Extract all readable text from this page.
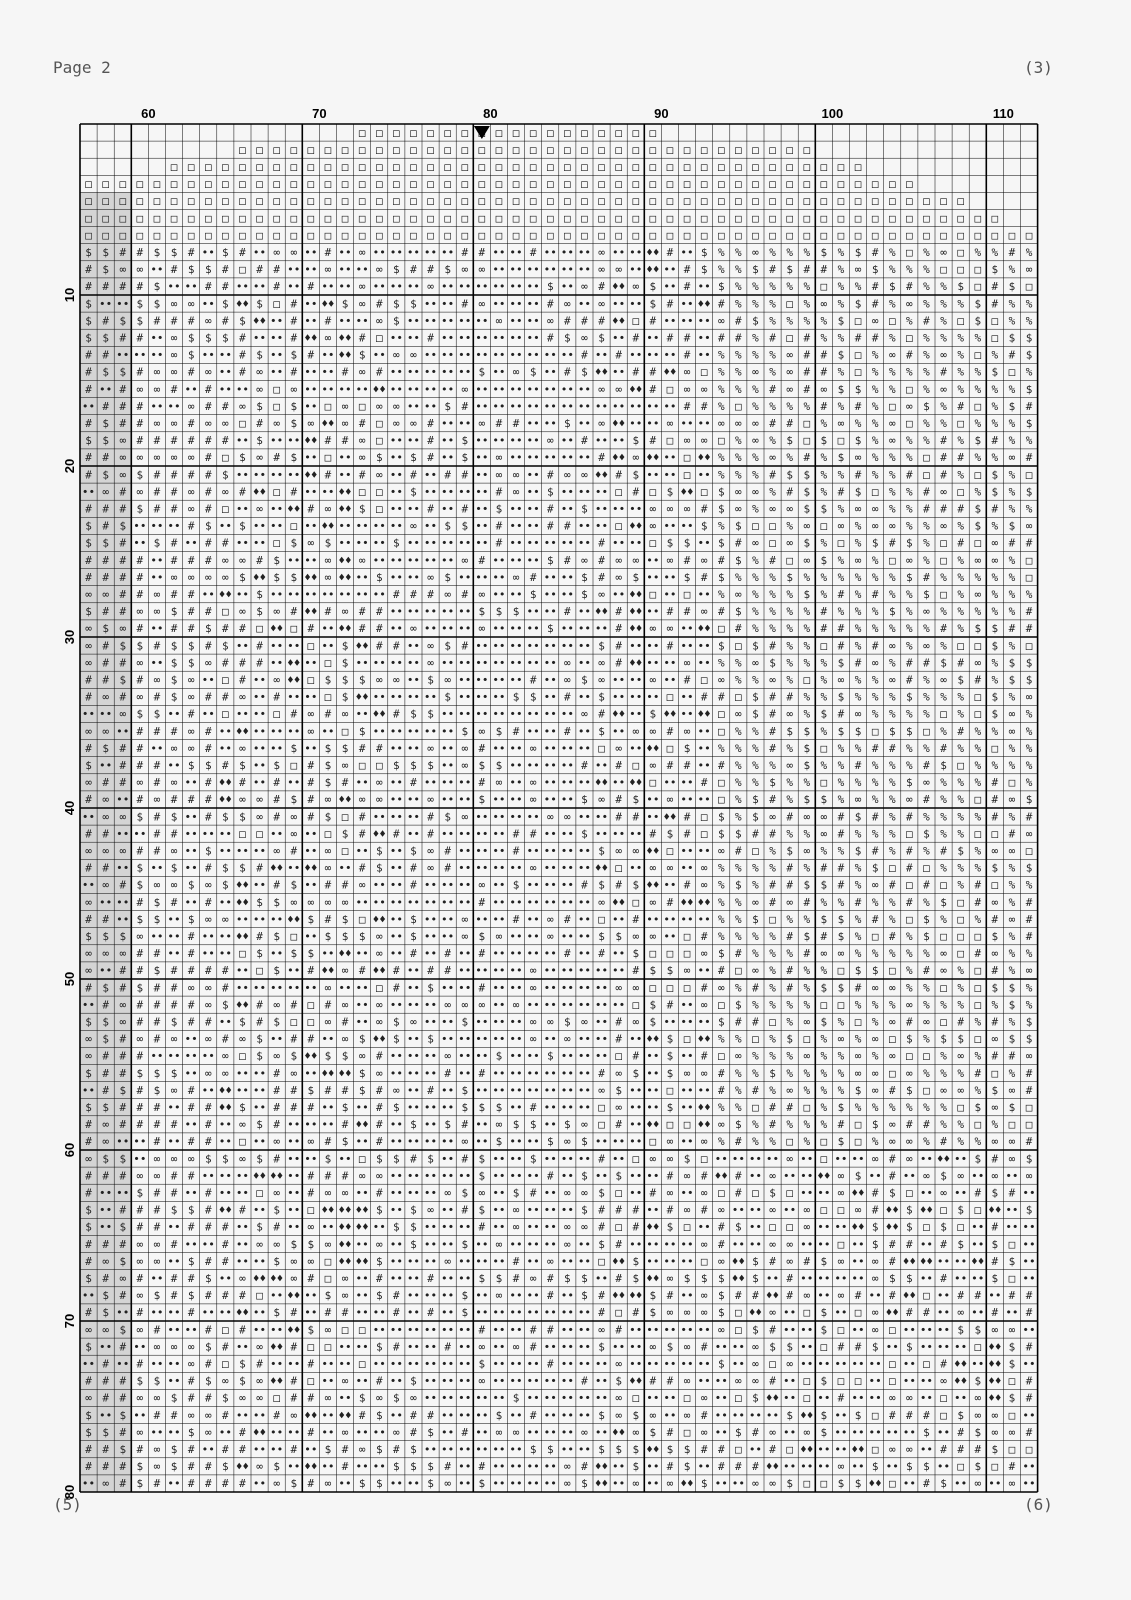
Page 2	(3)
(5)	(6)
□ □ □ □ □ □ □	□ □ □ □ □ □ □ □ □ □
□ □ □ □ □ □ □ □ □ □ □ □ □ □ □ □ □ □ □ □ □ □ □ □ □ □ □ □ □ □ □ □ □ □
□ □ □ □ □ □ □ □ □ □ □ □ □ □ □ □ □ □ □ □ □ □ □ □ □ □ □ □ □ □ □ □ □ □ □ □ □ □ □ □ □
□ □ □ □ □ □ □ □ □ □ □ □ □ □ □ □ □ □ □ □ □ □ □ □ □ □ □ □ □ □ □ □ □ □ □ □ □ □ □ □ □ □ □ □ □ □ □ □ □
□ □ □ □ □ □ □ □ □ □ □ □ □ □ □ □ □ □ □ □ □ □ □ □ □ □ □ □ □ □ □ □ □ □ □ □ □ □ □ □ □ □ □ □ □ □ □ □ □ □ □ □
□ □ □ □ □ □ □ □ □ □ □ □ □ □ □ □ □ □ □ □ □ □ □ □ □ □ □ □ □ □ □ □ □ □ □ □ □ □ □ □ □ □ □ □ □ □ □ □ □ □ □ □ □ □
□ □ □ □ □ □ □ □ □ □ □ □ □ □ □ □ □ □ □ □ □ □ □ □ □ □ □ □ □ □ □ □ □ □ □ □ □ □ □ □ □ □ □ □ □ □ □ □ □ □ □ □ □ □ □ □
$ $ # # $ $ # •• $ # •• ∞ ∞ •• # •• ∞ •• •• •• •• •• # # •• •• # •• •• •• ∞ •• •• ♦♦ # •• $ % % ∞ % % % $ % $ # % □ % ∞ □ % % # %
# $ ∞ ∞ •• # $ $ # □ # # •• •• ∞ •• •• ∞ $ # # $ ∞ ∞ •• •• •• •• •• •• ∞ ∞ •• ♦♦ •• # $ % % $ # $ # # % ∞ $ % % % □ □ □ $ % ∞
# # # # $ •• •• # # •• •• # •• # •• •• ∞ •• •• •• ∞ •• •• •• •• •• •• $ •• ∞ # ♦♦ ∞ $ •• # •• $ % % % % % □ % % # $ # % % $ □ # $ □
$ •• •• $ $ ∞ ∞ •• $ ♦♦ $ □ # •• ♦♦ $ ∞ # $ $ •• •• # ∞ •• •• •• # ∞ •• ∞ •• •• $ # •• ♦♦ # % % % □ % ∞ % $ # % ∞ % % % $ # % %
$ # $ $ # # # ∞ # $ ♦♦ •• # •• # •• •• ∞ $ •• •• •• •• •• ∞ •• •• ∞ # # # ♦♦ □ # •• •• •• ∞ # $ % % % % $ □ ∞ □ % # % □ $ □ % %
$ $ # # •• ∞ $ $ $ # •• •• # ♦♦ ∞ ♦♦ # □ •• •• # •• •• •• •• •• •• # $ ∞ $ •• # •• # # •• # # % # □ # % % # # % □ % % % % □ $ $
# # •• •• •• ∞ $ •• •• # $ •• $ # •• ♦♦ $ •• ∞ ∞ •• •• •• •• •• •• •• •• •• # •• # •• •• •• # •• % % % % ∞ # # $ □ % ∞ # % ∞ % □ % # $
# $ $ # ∞ ∞ # ∞ •• # ∞ •• # •• •• # ∞ # •• •• •• •• •• $ •• ∞ $ •• # $ ♦♦ •• # # ♦♦ ∞ □ % % ∞ % ∞ # # % □ % % % % # % % $ □ %
# •• # ∞ ∞ # •• # •• •• ∞ □ ∞ •• •• •• •• ♦♦ •• •• •• •• ∞ •• •• •• •• •• •• •• ∞ ∞ ♦♦ # □ ∞ ∞ % % % # ∞ # ∞ $ $ % % □ % ∞ % % % % $
•• # # # •• •• ∞ # # ∞ $ □ $ •• □ ∞ □ ∞ ∞ •• •• $ # •• •• •• •• •• •• •• •• •• •• •• •• # # % □ % % % % # % # % □ ∞ $ % # □ % $ #
# $ # # ∞ ∞ # ∞ ∞ □ # ∞ $ ∞ ♦♦ ∞ # □ ∞ ∞ # •• •• ∞ # # •• •• $ •• ∞ ♦♦ •• •• ∞ •• •• ∞ ∞ ∞ # # □ % ∞ % % ∞ □ % % □ % % % $
$ $ ∞ # # # # # # •• $ •• •• ♦♦ # # ∞ □ •• •• # •• $ •• •• •• •• ∞ •• # •• •• $ # □ ∞ ∞ □ % ∞ % $ □ $ □ $ % ∞ % % # % $ # % %
# # ∞ ∞ ∞ ∞ ∞ # □ $ ∞ # $ •• □ •• ∞ $ •• $ # •• $ •• ∞ •• •• •• •• •• # ♦♦ ∞ ♦♦ •• □ ♦♦ % % % ∞ % # % $ ∞ % % % □ # # % % ∞ #
# $ ∞ $ # # # # $ •• •• •• •• ♦♦ # •• # ∞ •• # •• # # •• ∞ ∞ •• # ∞ ∞ ♦♦ # $ •• •• □ •• % % % # $ $ % % # % % # □ # % □ $ % □
•• ∞ # ∞ # # ∞ # ∞ # ♦♦ □ # •• •• ♦♦ □ □ •• $ •• •• •• •• # ∞ •• $ •• •• •• □ # □ $ ♦♦ □ $ ∞ ∞ % # $ % # $ □ % % # ∞ □ % $ % $
# # # $ # # ∞ # □ •• ∞ •• ♦♦ # ∞ ♦♦ $ □ •• •• # •• # •• $ •• •• # •• $ •• •• •• ∞ ∞ ∞ # $ ∞ % ∞ ∞ $ $ % ∞ ∞ % % # # # $ # % %
$ # $ •• •• •• # $ •• $ •• •• □ •• ♦♦ •• •• •• •• ∞ •• $ $ •• # •• •• # # •• •• □ ♦♦ ∞ •• •• $ % $ □ □ % ∞ □ ∞ % ∞ ∞ % % ∞ % $ % $ ∞
$ $ # •• $ # •• # # •• •• □ $ ∞ $ •• •• •• $ •• •• •• •• •• # •• •• •• •• •• # •• •• □ $ $ •• $ # ∞ □ ∞ $ % □ % $ # $ % □ # □ ∞ # #
# # # # •• # # # ∞ ∞ # $ •• •• ∞ ♦♦ ∞ •• •• •• •• •• ∞ # •• •• •• $ # ∞ # ∞ ∞ •• ∞ # ∞ # $ % # □ ∞ $ % ∞ % □ ∞ % □ % ∞ ∞ % □
# # # # •• ∞ ∞ ∞ ∞ $ ♦♦ $ $ ♦♦ ∞ ♦♦ •• $ •• •• ∞ $ •• •• •• ∞ # •• •• $ # ∞ $ •• •• $ # $ % % % $ % % % % % % $ # % % % % % □
∞ ∞ # # ∞ # # •• ♦♦ •• $ •• •• •• •• •• •• •• # # # ∞ # ∞ •• •• $ •• •• $ ∞ •• ♦♦ □ •• □ •• % ∞ % % % $ % # % # % % $ □ % ∞ % % %
$ # # ∞ ∞ $ # # □ ∞ $ ∞ # ♦♦ # ∞ # # •• •• •• •• •• $ $ $ •• •• # •• ♦♦ # ♦♦ •• # # ∞ # $ % % % % # % % % $ % ∞ % % % % % #
∞ $ ∞ # •• # # $ # # □ ♦♦ □ # •• ♦♦ # # •• ∞ •• •• •• ∞ •• •• •• $ •• •• •• # ♦♦ ∞ ∞ •• ♦♦ □ # % % % % # # % % % % % # % $ $ # #
∞ # $ $ # $ $ # $ •• # •• •• □ •• $ ♦♦ # # •• ∞ $ # •• •• •• •• •• •• •• $ # •• •• # •• •• $ □ $ # % % □ # % # ∞ % ∞ % □ □ $ % □
∞ # # ∞ •• $ $ ∞ # # # •• ♦♦ •• □ $ •• •• •• •• ∞ •• •• •• •• •• •• •• ∞ •• ∞ # ♦♦ •• •• ∞ •• % % ∞ $ % % % $ # ∞ % # # $ # ∞ % $ $
# # $ # ∞ $ ∞ •• □ # •• ∞ ♦♦ □ $ $ $ ∞ ∞ •• $ ∞ •• •• •• •• # •• ∞ $ ∞ •• •• ∞ •• # □ ∞ % % ∞ % □ % ∞ % % ∞ # % ∞ $ # % $ $
# ∞ # ∞ # $ ∞ # # ∞ •• # •• •• □ $ ♦♦ •• •• •• •• $ •• •• •• $ $ •• # •• $ •• •• •• □ •• # # □ $ # # % % $ % % % $ % % % □ $ % ∞
•• •• ∞ $ $ •• # •• □ •• •• □ # ∞ # ∞ •• ♦♦ # $ $ •• •• •• •• •• •• •• •• ∞ # ♦♦ •• $ ♦♦ •• ♦♦ □ ∞ $ # ∞ % $ # ∞ % % % % □ % □ $ ∞ %
∞ ∞ •• # # # ∞ # •• ♦♦ •• •• •• ∞ •• □ $ •• •• •• •• •• $ ∞ $ # •• •• # •• $ •• ∞ ∞ # ∞ •• □ % % # $ $ % $ $ □ $ $ □ % # % % ∞ %
# $ # # •• ∞ ∞ # •• ∞ •• •• $ •• $ $ # # •• •• ∞ •• ∞ # •• •• ∞ •• •• •• □ ∞ •• ♦♦ □ $ •• % % % # % $ □ % % # # % % # % % □ % %
$ •• # # # •• $ $ # $ •• $ □ # $ ∞ □ □ $ $ $ •• ∞ $ $ •• •• •• •• # •• # □ ∞ # # •• # % % % ∞ $ % % # % % % # $ □ % % % %
∞ # # ∞ # ∞ •• # ♦♦ # •• # •• # $ # •• ∞ •• # •• •• •• # ∞ •• ∞ •• •• •• ♦♦ •• ♦♦ □ •• •• # □ % % $ % % □ % % % % $ ∞ % % % # □ %
# ∞ •• # ∞ # # # ♦♦ ∞ ∞ # $ # ∞ ♦♦ ∞ ∞ •• •• ∞ •• •• $ •• •• ∞ •• •• $ ∞ # $ •• ∞ •• •• □ % $ # % $ $ % ∞ % % ∞ # % % □ # ∞ $
•• ∞ ∞ $ # $ •• # $ $ ∞ # ∞ # $ □ # •• •• •• # $ ∞ •• •• •• •• ∞ ∞ •• •• # # •• ♦♦ # □ $ % $ ∞ # ∞ ∞ # $ # % # % % % % # % #
# # •• •• # # •• •• •• □ □ •• ∞ •• □ $ # ♦♦ # •• # •• •• •• •• # # •• •• $ •• •• •• # $ # □ $ $ # # % % ∞ # % % % □ $ % % □ □ # ∞
∞ ∞ ∞ # # ∞ •• $ •• •• •• ∞ # •• ∞ □ •• $ •• $ ∞ # •• •• •• # •• •• •• •• $ ∞ ∞ ♦♦ □ •• •• ∞ # □ % $ ∞ % % $ # % # % # $ % ∞ ∞ □
# # •• $ •• $ •• # $ $ # ♦♦ •• ♦♦ ∞ •• # $ •• # ∞ # •• •• •• •• ∞ •• •• •• ♦♦ □ •• ∞ ∞ •• ∞ % % % % # % # # % $ □ # □ % % % $ % $
•• ∞ # $ ∞ ∞ $ ∞ $ ♦♦ •• # $ •• # # ∞ •• •• # •• •• •• ∞ •• $ •• •• •• # $ # $ ♦♦ •• # ∞ % $ % # # $ $ # % ∞ # □ # □ % # □ % %
∞ •• •• # $ # •• # •• ♦♦ $ $ ∞ ∞ ∞ ∞ •• •• •• •• •• •• •• # •• •• •• •• •• •• ∞ ♦♦ □ ∞ # ♦♦ ♦♦ % % ∞ # ∞ # % % # % % # % $ □ # ∞ % #
# # •• $ $ •• $ ∞ ∞ •• •• •• ♦♦ $ # $ □ ♦♦ •• $ •• •• ∞ •• •• # •• ∞ # •• □ •• # •• •• •• •• % % $ □ % % $ $ % # % □ $ % □ % # ∞ #
$ $ $ ∞ •• •• # •• •• ♦♦ # $ □ •• $ $ $ ∞ •• $ •• •• ∞ $ ∞ •• •• ∞ •• •• $ $ ∞ ∞ •• □ # % % % % # $ # $ % □ # % $ □ □ □ $ % #
∞ ∞ ∞ # # •• # •• •• □ $ •• $ $ •• ♦♦ •• ∞ •• # •• # •• # •• •• •• •• # •• # •• $ □ □ □ ∞ $ # % % % # ∞ ∞ % % % % % ∞ □ # ∞ % %
∞ •• # # $ # # # # •• □ $ •• # ♦♦ ∞ # ♦♦ # •• # # •• •• •• •• ∞ •• •• •• •• •• # $ $ ∞ •• # □ ∞ % # % % □ $ $ □ % # ∞ % □ # % ∞
# $ # $ # # ∞ ∞ # •• •• •• •• •• ∞ •• •• □ # •• $ •• •• # •• •• ∞ •• •• •• •• ∞ ∞ □ □ □ # ∞ % # % # % $ $ # ∞ ∞ % % □ % □ $ $ %
•• # ∞ # # # # ∞ $ ♦♦ # ∞ # □ # ∞ •• ∞ •• •• •• ∞ ∞ ∞ •• ∞ •• •• •• •• •• •• □ $ # •• ∞ □ $ % % % % □ □ % % % ∞ % % % □ % $ %
$ $ ∞ # # $ # # •• $ # $ □ □ ∞ # •• ∞ $ ∞ •• •• $ •• •• •• ∞ ∞ $ ∞ •• # ∞ $ •• •• •• $ # # □ % ∞ $ % □ % ∞ # ∞ □ # % # % $
∞ $ # ∞ # ∞ •• ∞ # ∞ $ •• # # •• ∞ $ ♦♦ $ •• $ •• •• •• •• •• ∞ •• ∞ •• •• # •• ♦♦ $ □ ♦♦ % % □ % $ □ % ∞ % ∞ □ $ % $ $ □ ∞ $ $
∞ # # # •• •• •• •• ∞ □ $ ∞ $ ♦♦ $ $ ∞ # •• •• •• ∞ •• •• $ •• •• $ •• •• •• □ # •• $ •• # □ ∞ % % % ∞ % % ∞ % ∞ □ □ % ∞ % # # ∞
$ # # $ $ $ •• ∞ ∞ •• •• # ∞ •• ♦♦ ♦♦ $ ∞ •• •• •• # •• # •• •• •• •• •• •• # ∞ $ •• $ ∞ ∞ # % % $ % % % % ∞ ∞ □ ∞ % % % # □ % #
•• # $ # $ ∞ # •• ♦♦ •• •• # # $ # # $ # ∞ •• # •• $ •• •• •• •• •• •• •• ∞ $ •• •• □ •• •• # % # % ∞ % % % $ ∞ # $ □ ∞ ∞ % $ ∞ #
$ $ # # # •• # # ♦♦ $ •• # # # •• $ •• # $ •• •• •• $ $ $ •• # •• •• •• □ ∞ •• •• $ •• ♦♦ % % □ # # □ % $ % % % % % % □ $ ∞ $ □
# ∞ # # # # •• # •• ∞ $ # •• •• •• # ♦♦ # •• $ •• $ # •• ∞ $ $ •• $ ∞ □ # •• ♦♦ □ □ ♦♦ ∞ $ % # % % % # □ $ ∞ # # % % □ % □ □
# ∞ •• •• # •• # # •• □ •• ∞ •• ∞ # $ •• # •• •• •• •• ∞ •• $ •• •• $ ∞ $ •• •• •• □ ∞ •• ∞ % # % % □ % □ $ □ % ∞ ∞ % # % % ∞ ∞ #
∞ $ $ •• ∞ ∞ ∞ $ $ ∞ $ # •• •• $ •• □ $ $ # $ •• # $ •• •• $ •• •• •• # •• □ ∞ ∞ $ □ •• •• •• •• ∞ •• □ •• •• ∞ # ∞ •• ♦♦ •• $ # ∞ $
# # # ∞ ∞ # # •• •• •• ♦♦ ♦♦ •• # # # ∞ ∞ •• •• •• •• •• $ •• •• •• # •• $ •• $ •• •• # ∞ # ♦♦ # •• ∞ •• •• ♦♦ ∞ $ •• # •• ∞ $ ∞ •• ∞ •• ∞
# •• •• $ # # •• # •• •• □ ∞ •• # ∞ ∞ •• # •• •• •• ∞ $ ∞ •• $ # •• ∞ ∞ $ □ •• # ∞ •• ∞ □ # □ $ □ •• •• ∞ ♦♦ # $ □ •• ∞ •• # $ # ••
$ •• # # # $ $ # ♦♦ # •• $ •• □ ♦♦ ♦♦ ♦♦ $ •• $ ∞ •• # $ •• ∞ •• •• •• $ # # # •• # ∞ # ∞ •• •• ∞ •• ∞ □ □ ∞ # ♦♦ $ ♦♦ □ $ □ ♦♦ •• $
$ •• $ # # •• # # # •• $ # •• ∞ •• ♦♦ ♦♦ •• $ $ •• •• •• # •• ∞ •• •• ∞ ∞ # □ # ♦♦ $ □ •• # $ •• □ □ ∞ •• •• ♦♦ $ ♦♦ $ □ $ □ •• # •• ••
# # # ∞ ∞ # •• •• # •• ∞ ∞ $ $ ∞ ♦♦ •• ∞ •• $ •• •• $ •• ∞ •• •• •• ∞ •• $ # •• •• •• •• ∞ # •• •• ∞ ∞ •• •• □ •• $ # # •• # $ •• $ □ ••
# ∞ $ ∞ ∞ •• $ # # •• •• $ ∞ ∞ □ ♦♦ ♦♦ $ •• •• •• ∞ •• •• •• # •• ∞ •• •• □ ♦♦ $ •• •• •• □ ∞ ♦♦ $ # ∞ # $ ∞ •• ∞ # ♦♦ ♦♦ •• •• ♦♦ # $ ••
$ # ∞ # •• # # $ •• ∞ ♦♦ ♦♦ ∞ # □ ∞ •• # •• •• # •• •• $ $ # ∞ # $ $ •• # $ ♦♦ ∞ $ $ $ ♦♦ $ •• # •• •• •• •• ∞ $ $ •• # •• •• $ □ ••
•• $ # ∞ $ # $ # # # □ •• ♦♦ •• $ ∞ •• $ # •• •• •• $ •• ∞ •• •• # •• $ # ♦♦ ♦♦ $ # •• ∞ $ # # ♦♦ # ∞ •• ∞ # •• # ♦♦ □ •• # # •• # #
# $ •• # •• •• # •• •• ♦♦ •• $ # •• # # •• •• # •• # •• $ •• •• •• •• •• •• •• # □ # $ ∞ ∞ ∞ $ □ ♦♦ ∞ •• □ $ •• □ ∞ ♦♦ # # •• ∞ •• # •• #
∞ ∞ $ ∞ # •• •• # □ # •• •• ♦♦ $ ∞ □ □ •• •• •• •• •• •• # •• •• # # •• •• ∞ # •• •• •• •• •• ∞ □ $ # •• •• $ □ •• ∞ □ •• •• •• $ $ ∞ ∞ ••
$ •• # •• ∞ ∞ ∞ $ # •• ∞ ♦♦ # □ □ •• •• $ # •• •• # •• ∞ •• ∞ # •• •• •• $ •• •• ∞ $ ∞ # •• •• ∞ $ $ •• □ # # $ •• $ •• •• •• □ ♦♦ $ #
•• # •• # •• •• ∞ # □ $ # •• •• # •• •• □ •• •• •• •• •• •• $ •• •• •• # •• •• •• ∞ •• •• •• •• •• $ •• ∞ □ ∞ •• •• •• •• •• □ •• □ # ♦♦ •• ♦♦ $ ••
# # # $ $ •• # $ ∞ $ ∞ ♦♦ # □ •• ∞ •• # •• $ •• •• •• ∞ •• •• •• •• •• # •• $ ♦♦ # # ∞ •• •• ∞ ∞ # •• □ $ □ □ •• □ •• •• ∞ ♦♦ $ ♦♦ □ #
∞ # # ∞ ∞ $ # # $ ∞ ∞ □ # # ∞ •• $ ∞ $ ∞ •• •• •• •• •• $ •• •• •• •• •• ∞ □ •• •• □ ∞ •• □ $ ♦♦ •• □ •• # •• •• ∞ ∞ •• □ •• ∞ ♦♦ $ #
$ •• $ •• # # ∞ ∞ # •• •• # ∞ ♦♦ •• ♦♦ # $ •• # # •• •• •• $ •• # •• •• •• $ ∞ $ ∞ •• ∞ # •• •• •• •• $ ♦♦ $ •• $ □ # # # □ $ ∞ ∞ □ ••
$ $ # ∞ •• •• $ ∞ •• # ♦♦ •• •• # •• ∞ •• •• ∞ # $ •• # •• ∞ ∞ •• •• •• ∞ •• ♦♦ ∞ $ # □ ∞ •• $ # ∞ •• ∞ $ •• •• •• •• •• $ •• # $ ∞ ∞ #
# # $ # ∞ $ # •• # # •• •• # •• $ # ∞ $ # $ •• •• •• •• •• •• $ $ •• •• $ $ $ ♦♦ $ $ # # □ •• # □ ♦♦ •• •• ♦♦ □ ∞ ∞ •• # # # $ □ □
# # # $ ∞ $ # # $ ♦♦ ∞ $ •• ♦♦ •• # •• •• $ $ $ # •• # •• •• •• •• ∞ # ♦♦ •• $ •• # $ •• # # # ♦♦ •• •• •• ∞ •• $ •• $ $ •• □ $ □ # ••
•• ∞ # $ # •• # # # # •• ∞ $ # ∞ •• $ $ •• •• $ ∞ •• $ •• •• •• •• ∞ $ ♦♦ •• ∞ •• ∞ ♦♦ $ •• •• ∞ ∞ $ □ □ $ $ ♦♦ □ •• # $ •• ∞ •• ∞ ••
60	70	80	90	100	110
10
20
30
40
50
60
70
80
